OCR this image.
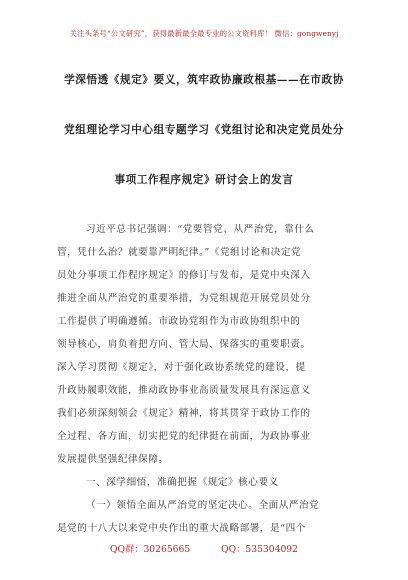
关注头条号“公文研究”，获得最新最全最专业的公文资料库！ 微信：gongwenyj
学深悟透《规定》要义，筑牢政协廉政根基——在市政协
党组理论学习中心组专题学习《党组讨论和决定党员处分
事项工作程序规定》研讨会上的发言
习近平总书记强调：“党要管党、从严治党，靠什么
管，凭什么治？就要靠严明纪律。”《党组讨论和决定党
员处分事项工作程序规定》的修订与发布，是党中央深入
推进全面从严治党的重要举措，为党组规范开展党员处分
工作提供了明确遵循。市政协党组作为市政协组织中的
领导核心，肩负着把方向、管大局、保落实的重要职责。
深入学习贯彻《规定》，对于强化政协系统党的建设，提
升政协履职效能，推动政协事业高质量发展具有深远意义
我们必须深刻领会《规定》精神，将其贯穿于政协工作的
全过程、各方面，切实把党的纪律挺在前面，为政协事业
发展提供坚强纪律保障。
一、深学细悟，准确把握《规定》核心要义
（一）领悟全面从严治党的坚定决心。全面从严治党
是党的十八大以来党中央作出的重大战略部署，是“四个
QQ群：30265665	QQ：535304092
